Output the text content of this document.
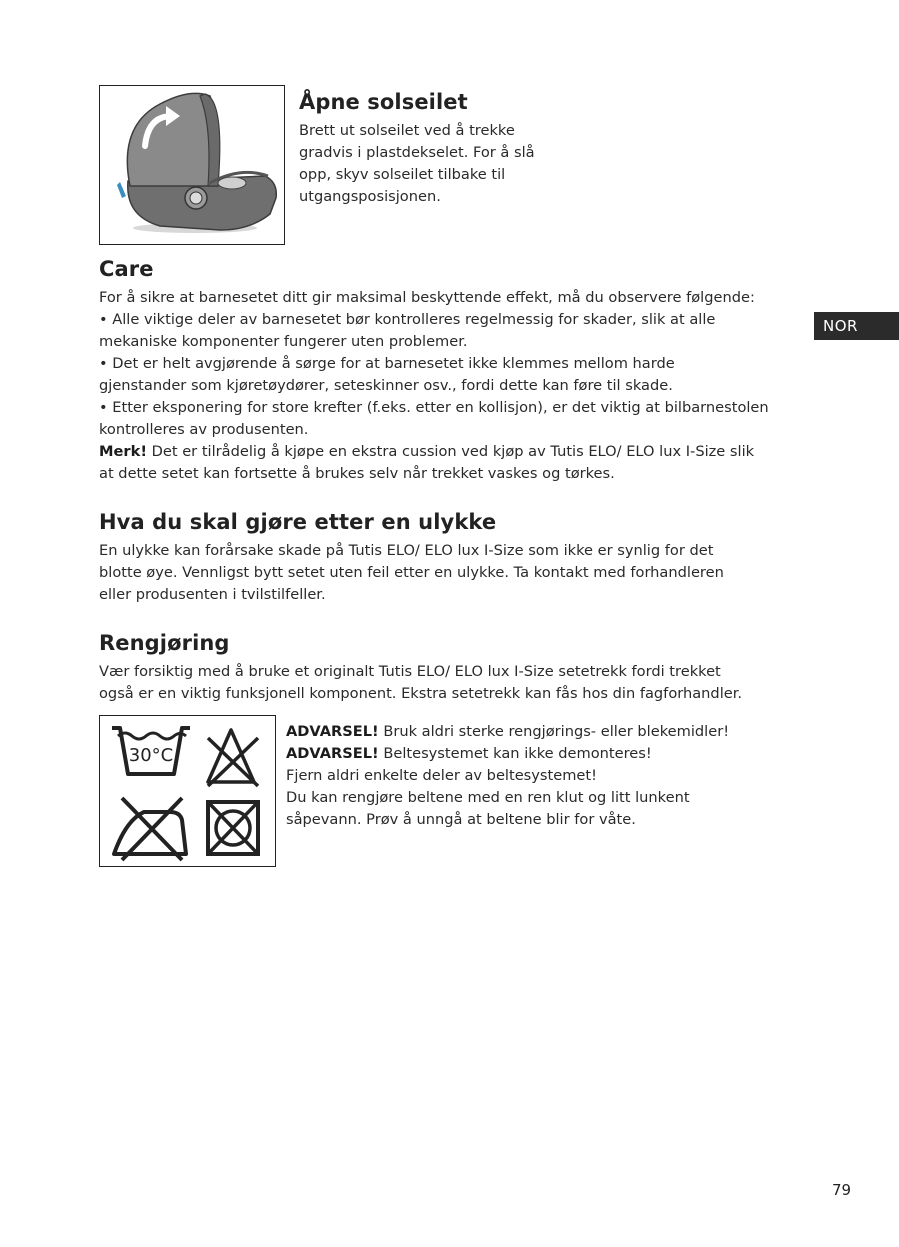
Åpne solseilet

Brett ut solseilet ved å trekke

gradvis i plastdekselet. For å slå

opp, skyv solseilet tilbake til

utgangsposisjonen.

Care

For å sikre at barnesetet ditt gir maksimal beskyttende effekt, må du observere følgende:

• Alle viktige deler av barnesetet bør kontrolleres regelmessig for skader, slik at alle

mekaniske komponenter fungerer uten problemer.

• Det er helt avgjørende å sørge for at barnesetet ikke klemmes mellom harde

gjenstander som kjøretøydører, seteskinner osv., fordi dette kan føre til skade.

• Etter eksponering for store krefter (f.eks. etter en kollisjon), er det viktig at bilbarnestolen

kontrolleres av produsenten.

Merk! Det er tilrådelig å kjøpe en ekstra cussion ved kjøp av Tutis ELO/ ELO lux I-Size slik

at dette setet kan fortsette å brukes selv når trekket vaskes og tørkes.

NOR
Hva du skal gjøre etter en ulykke

En ulykke kan forårsake skade på Tutis ELO/ ELO lux I-Size som ikke er synlig for det

blotte øye. Vennligst bytt setet uten feil etter en ulykke. Ta kontakt med forhandleren

eller produsenten i tvilstilfeller.

Rengjøring

Vær forsiktig med å bruke et originalt Tutis ELO/ ELO lux I-Size setetrekk fordi trekket

også er en viktig funksjonell komponent. Ekstra setetrekk kan fås hos din fagforhandler.

30°C

ADVARSEL! Bruk aldri sterke rengjørings- eller blekemidler!

ADVARSEL! Beltesystemet kan ikke demonteres!

Fjern aldri enkelte deler av beltesystemet!

Du kan rengjøre beltene med en ren klut og litt lunkent

såpevann. Prøv å unngå at beltene blir for våte.

79
